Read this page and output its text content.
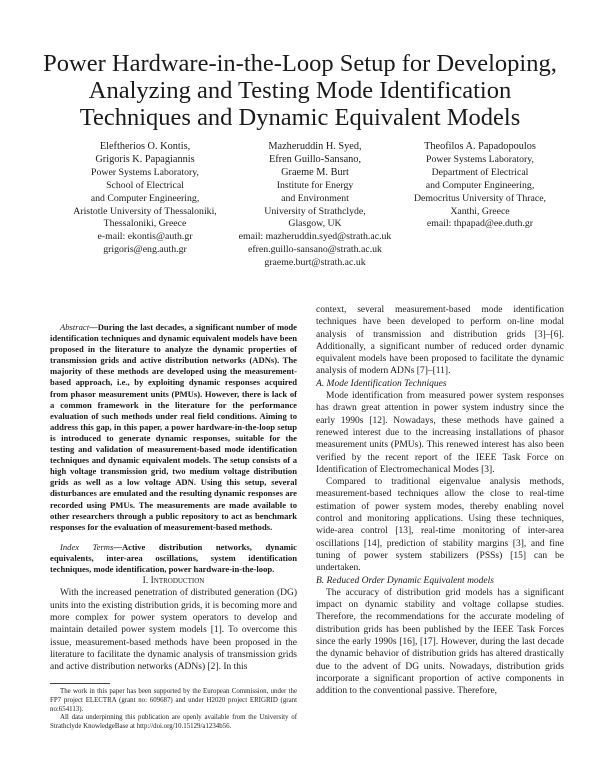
Power Hardware-in-the-Loop Setup for Developing,
Analyzing and Testing Mode Identification
Techniques and Dynamic Equivalent Models
Eleftherios O. Kontis,
Grigoris K. Papagiannis
Power Systems Laboratory,
School of Electrical
and Computer Engineering,
Aristotle University of Thessaloniki,
Thessaloniki, Greece
e-mail: ekontis@auth.gr
grigoris@eng.auth.gr
Mazheruddin H. Syed,
Efren Guillo-Sansano,
Graeme M. Burt
Institute for Energy
and Environment
University of Strathclyde,
Glasgow, UK
email: mazheruddin.syed@strath.ac.uk
efren.guillo-sansano@strath.ac.uk
graeme.burt@strath.ac.uk
Theofilos A. Papadopoulos
Power Systems Laboratory,
Department of Electrical
and Computer Engineering,
Democritus University of Thrace,
Xanthi, Greece
email: thpapad@ee.duth.gr

Abstract—During the last decades, a significant number of mode identification techniques and dynamic equivalent models have been proposed in the literature to analyze the dynamic properties of transmission grids and active distribution networks (ADNs). The majority of these methods are developed using the measurement-based approach, i.e., by exploiting dynamic responses acquired from phasor measurement units (PMUs). However, there is lack of a common framework in the literature for the performance evaluation of such methods under real field conditions. Aiming to address this gap, in this paper, a power hardware-in-the-loop setup is introduced to generate dynamic responses, suitable for the testing and validation of measurement-based mode identification techniques and dynamic equivalent models. The setup consists of a high voltage transmission grid, two medium voltage distribution grids as well as a low voltage ADN. Using this setup, several disturbances are emulated and the resulting dynamic responses are recorded using PMUs. The measurements are made available to other researchers through a public repository to act as benchmark responses for the evaluation of measurement-based methods.

Index Terms—Active distribution networks, dynamic equivalents, inter-area oscillations, system identification techniques, mode identification, power hardware-in-the-loop.

I. Introduction

With the increased penetration of distributed generation (DG) units into the existing distribution grids, it is becoming more and more complex for power system operators to develop and maintain detailed power system models [1]. To overcome this issue, measurement-based methods have been proposed in the literature to facilitate the dynamic analysis of transmission grids and active distribution networks (ADNs) [2]. In this

The work in this paper has been supported by the European Commission, under the FP7 project ELECTRA (grant no: 609687) and under H2020 project ERIGRID (grant no:654113).

All data underpinning this publication are openly available from the University of Strathclyde KnowledgeBase at http://doi.org/10.15129/a1234b56.

context, several measurement-based mode identification techniques have been developed to perform on-line modal analysis of transmission and distribution grids [3]–[6]. Additionally, a significant number of reduced order dynamic equivalent models have been proposed to facilitate the dynamic analysis of modern ADNs [7]–[11].

A. Mode Identification Techniques

Mode identification from measured power system responses has drawn great attention in power system industry since the early 1990s [12]. Nowadays, these methods have gained a renewed interest due to the increasing installations of phasor measurement units (PMUs). This renewed interest has also been verified by the recent report of the IEEE Task Force on Identification of Electromechanical Modes [3].

Compared to traditional eigenvalue analysis methods, measurement-based techniques allow the close to real-time estimation of power system modes, thereby enabling novel control and monitoring applications. Using these techniques, wide-area control [13], real-time monitoring of inter-area oscillations [14], prediction of stability margins [3], and fine tuning of power system stabilizers (PSSs) [15] can be undertaken.

B. Reduced Order Dynamic Equivalent models

The accuracy of distribution grid models has a significant impact on dynamic stability and voltage collapse studies. Therefore, the recommendations for the accurate modeling of distribution grids has been published by the IEEE Task Forces since the early 1990s [16], [17]. However, during the last decade the dynamic behavior of distribution grids has altered drastically due to the advent of DG units. Nowadays, distribution grids incorporate a significant proportion of active components in addition to the conventional passive. Therefore,
